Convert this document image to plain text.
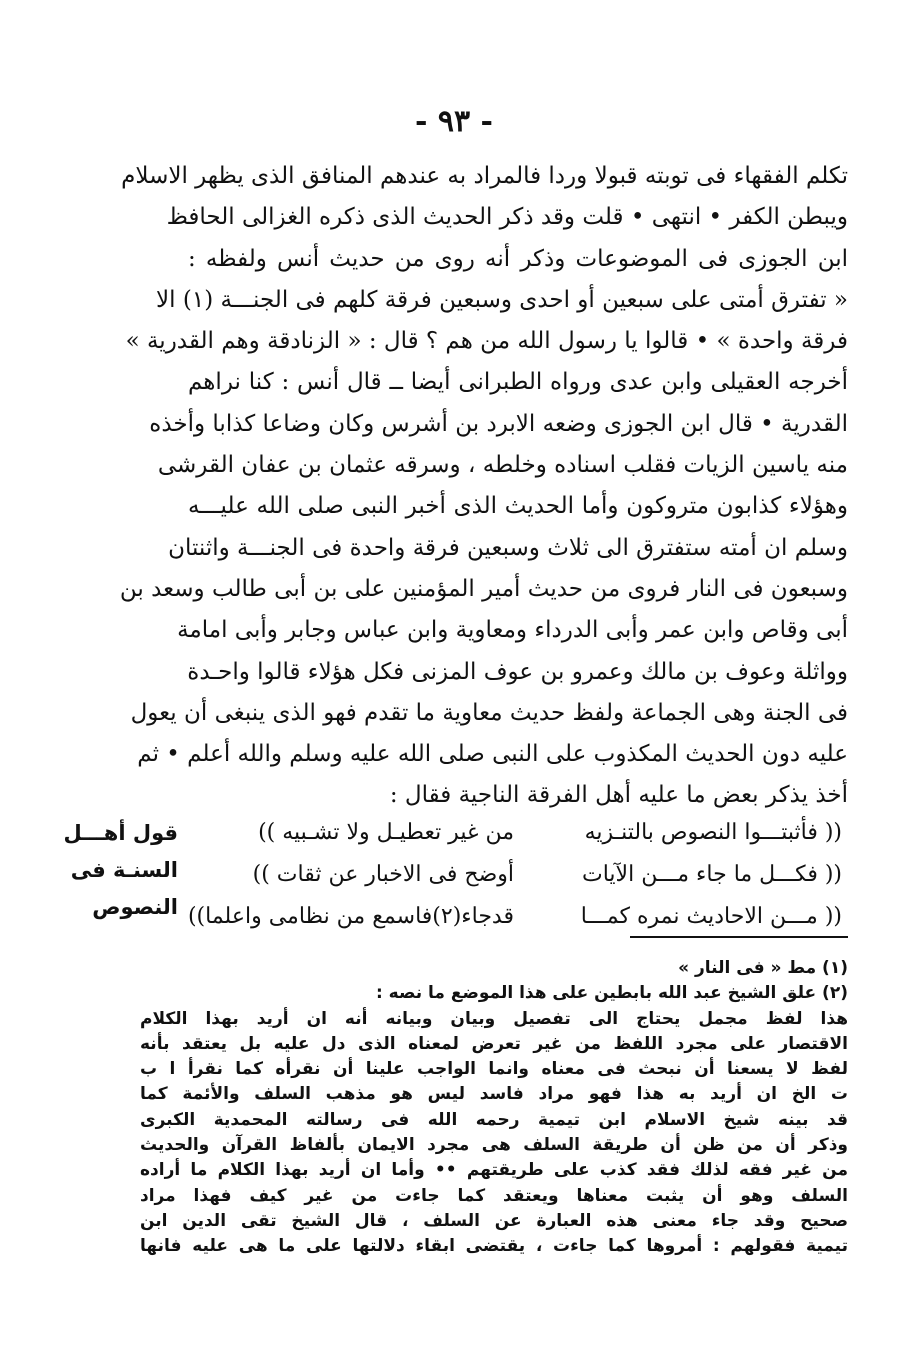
- ٩٣ -
تكلم الفقهاء فى توبته قبولا وردا فالمراد به عندهم المنافق الذى يظهر الاسلام
ويبطن الكفر • انتهى • قلت وقد ذكر الحديث الذى ذكره الغزالى الحافظ
ابن الجوزى فى الموضوعات وذكر أنه روى من حديث أنس ولفظه :
« تفترق أمتى على سبعين أو احدى وسبعين فرقة كلهم فى الجنـــة (١) الا
فرقة واحدة » • قالوا يا رسول الله من هم ؟ قال : « الزنادقة وهم القدرية »
أخرجه العقيلى وابن عدى ورواه الطبرانى أيضا ــ قال أنس : كنا نراهم
القدرية • قال ابن الجوزى وضعه الابرد بن أشرس وكان وضاعا كذابا وأخذه
منه ياسين الزيات فقلب اسناده وخلطه ، وسرقه عثمان بن عفان القرشى
وهؤلاء كذابون متروكون وأما الحديث الذى أخبر النبى صلى الله عليـــه
وسلم ان أمته ستفترق الى ثلاث وسبعين فرقة واحدة فى الجنـــة واثنتان
وسبعون فى النار فروى من حديث أمير المؤمنين على بن أبى طالب وسعد بن
أبى وقاص وابن عمر وأبى الدرداء ومعاوية وابن عباس وجابر وأبى امامة
وواثلة وعوف بن مالك وعمرو بن عوف المزنى فكل هؤلاء قالوا واحـدة
فى الجنة وهى الجماعة ولفظ حديث معاوية ما تقدم فهو الذى ينبغى أن يعول
عليه دون الحديث المكذوب على النبى صلى الله عليه وسلم والله أعلم • ثم
أخذ يذكر بعض ما عليه أهل الفرقة الناجية فقال :
قول أهـــل
السنـة فى
النصوص
(( فأثبتـــوا النصوص بالتنـزيه
من غير تعطيـل ولا تشـبيه ))
(( فكـــل ما جاء مـــن الآيات
أوضح فى الاخبار عن ثقات ))
(( مـــن الاحاديث نمره كمـــا
قدجاء(٢)فاسمع من نظامى واعلما))
(١) مط « فى النار »
(٢) علق الشيخ عبد الله بابطين على هذا الموضع ما نصه :
هذا لفظ مجمل يحتاج الى تفصيل وبيان وبيانه أنه ان أريد بهذا الكلام
الاقتصار على مجرد اللفظ من غير تعرض لمعناه الذى دل عليه بل يعتقد بأنه
لفظ لا يسعنا أن نبحث فى معناه وانما الواجب علينا أن نقرأه كما نقرأ ا ب
ت الخ ان أريد به هذا فهو مراد فاسد ليس هو مذهب السلف والأئمة كما
قد بينه شيخ الاسلام ابن تيمية رحمه الله فى رسالته المحمدية الكبرى
وذكر أن من ظن أن طريقة السلف هى مجرد الايمان بألفاظ القرآن والحديث
من غير فقه لذلك فقد كذب على طريقتهم •• وأما ان أريد بهذا الكلام ما أراده
السلف وهو أن يثبت معناها ويعتقد كما جاءت من غير كيف فهذا مراد
صحيح وقد جاء معنى هذه العبارة عن السلف ، قال الشيخ تقى الدين ابن
تيمية فقولهم : أمروها كما جاءت ، يقتضى ابقاء دلالتها على ما هى عليه فانها
